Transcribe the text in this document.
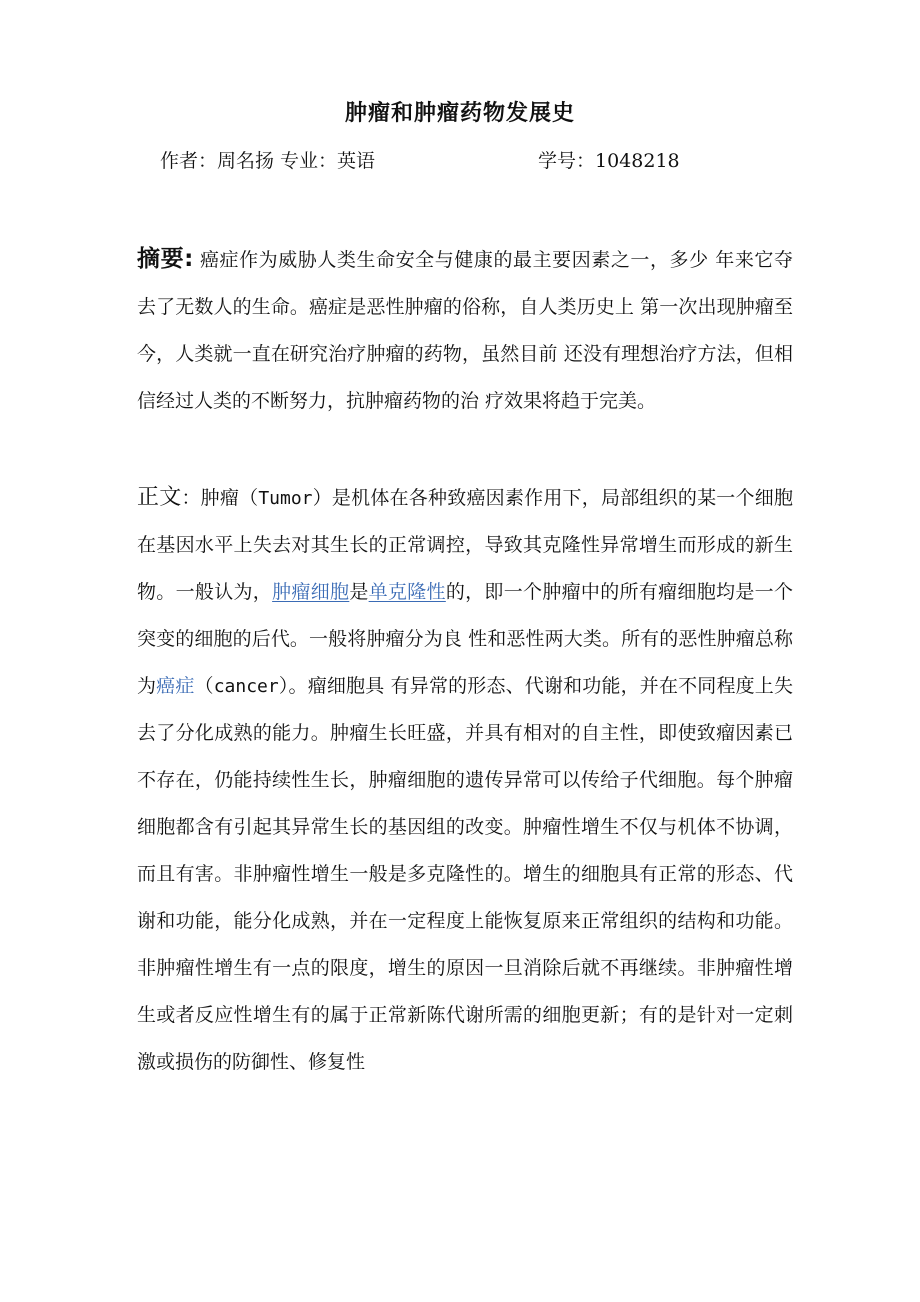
肿瘤和肿瘤药物发展史
作者：周名扬 专业：英语	学号：1048218
摘要: 癌症作为威胁人类生命安全与健康的最主要因素之一，多少 年来它夺去了无数人的生命。癌症是恶性肿瘤的俗称，自人类历史上 第一次出现肿瘤至今，人类就一直在研究治疗肿瘤的药物，虽然目前 还没有理想治疗方法，但相信经过人类的不断努力，抗肿瘤药物的治 疗效果将趋于完美。
正文：肿瘤（Tumor）是机体在各种致癌因素作用下，局部组织的某一个细胞在基因水平上失去对其生长的正常调控，导致其克隆性异常增生而形成的新生物。一般认为，肿瘤细胞是单克隆性的，即一个肿瘤中的所有瘤细胞均是一个突变的细胞的后代。一般将肿瘤分为良 性和恶性两大类。所有的恶性肿瘤总称为癌症（cancer）。瘤细胞具 有异常的形态、代谢和功能，并在不同程度上失去了分化成熟的能力。肿瘤生长旺盛，并具有相对的自主性，即使致瘤因素已不存在，仍能持续性生长，肿瘤细胞的遗传异常可以传给子代细胞。每个肿瘤细胞都含有引起其异常生长的基因组的改变。肿瘤性增生不仅与机体不协调，而且有害。非肿瘤性增生一般是多克隆性的。增生的细胞具有正常的形态、代谢和功能，能分化成熟，并在一定程度上能恢复原来正常组织的结构和功能。非肿瘤性增生有一点的限度，增生的原因一旦消除后就不再继续。非肿瘤性增生或者反应性增生有的属于正常新陈代谢所需的细胞更新；有的是针对一定刺激或损伤的防御性、修复性
